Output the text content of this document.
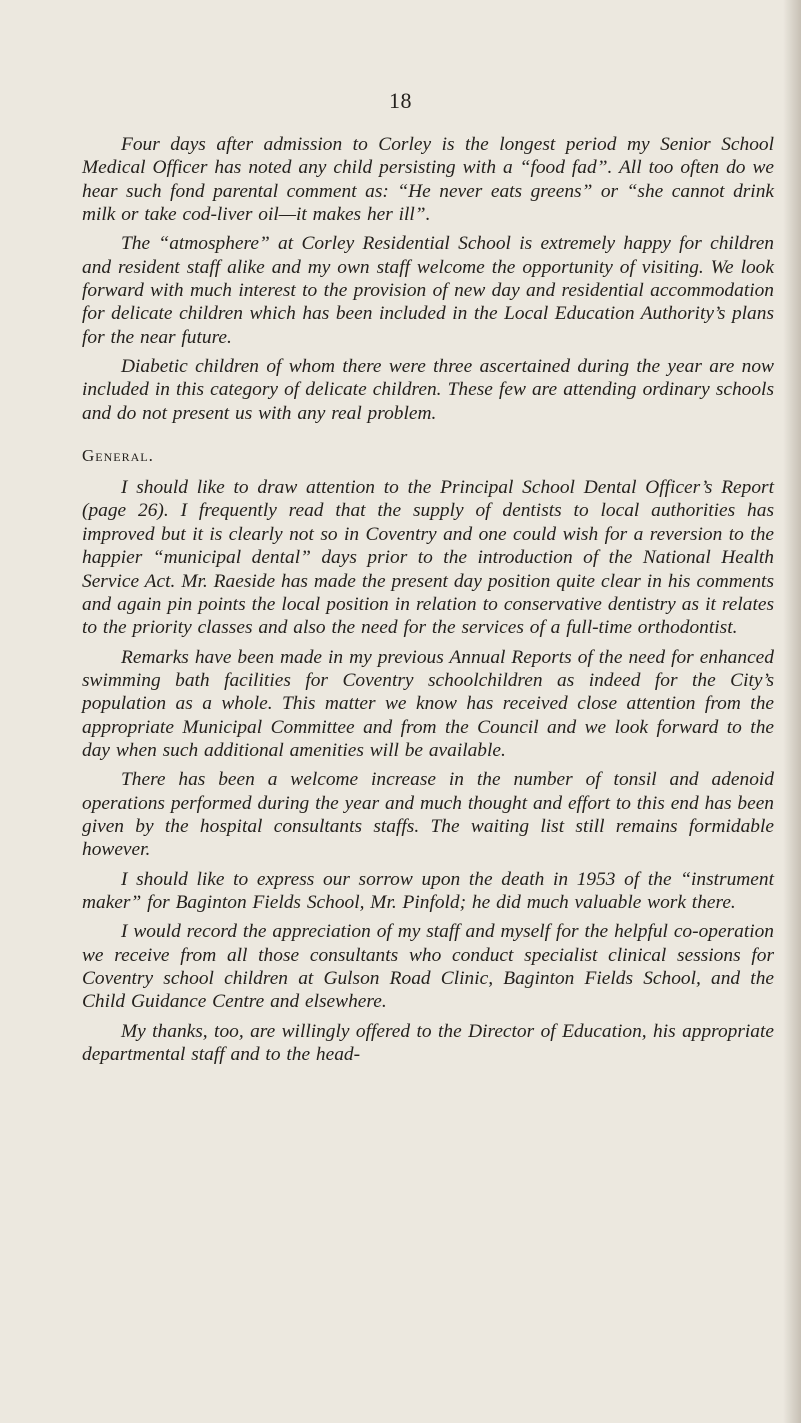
18

Four days after admission to Corley is the longest period my Senior School Medical Officer has noted any child persisting with a “food fad”. All too often do we hear such fond parental comment as: “He never eats greens” or “she cannot drink milk or take cod-liver oil—it makes her ill”.

The “atmosphere” at Corley Residential School is extremely happy for children and resident staff alike and my own staff welcome the opportunity of visiting. We look forward with much interest to the provision of new day and residential accommodation for delicate children which has been included in the Local Education Authority’s plans for the near future.

Diabetic children of whom there were three ascertained during the year are now included in this category of delicate children. These few are attending ordinary schools and do not present us with any real problem.

General.

I should like to draw attention to the Principal School Dental Officer’s Report (page 26). I frequently read that the supply of dentists to local authorities has improved but it is clearly not so in Coventry and one could wish for a reversion to the happier “municipal dental” days prior to the introduction of the National Health Service Act. Mr. Raeside has made the present day position quite clear in his comments and again pin points the local position in relation to conservative dentistry as it relates to the priority classes and also the need for the services of a full-time orthodontist.

Remarks have been made in my previous Annual Reports of the need for enhanced swimming bath facilities for Coventry schoolchildren as indeed for the City’s population as a whole. This matter we know has received close attention from the appropriate Municipal Committee and from the Council and we look forward to the day when such additional amenities will be available.

There has been a welcome increase in the number of tonsil and adenoid operations performed during the year and much thought and effort to this end has been given by the hospital consultants staffs. The waiting list still remains formidable however.

I should like to express our sorrow upon the death in 1953 of the “instrument maker” for Baginton Fields School, Mr. Pinfold; he did much valuable work there.

I would record the appreciation of my staff and myself for the helpful co-operation we receive from all those consultants who conduct specialist clinical sessions for Coventry school children at Gulson Road Clinic, Baginton Fields School, and the Child Guidance Centre and elsewhere.

My thanks, too, are willingly offered to the Director of Education, his appropriate departmental staff and to the head-
